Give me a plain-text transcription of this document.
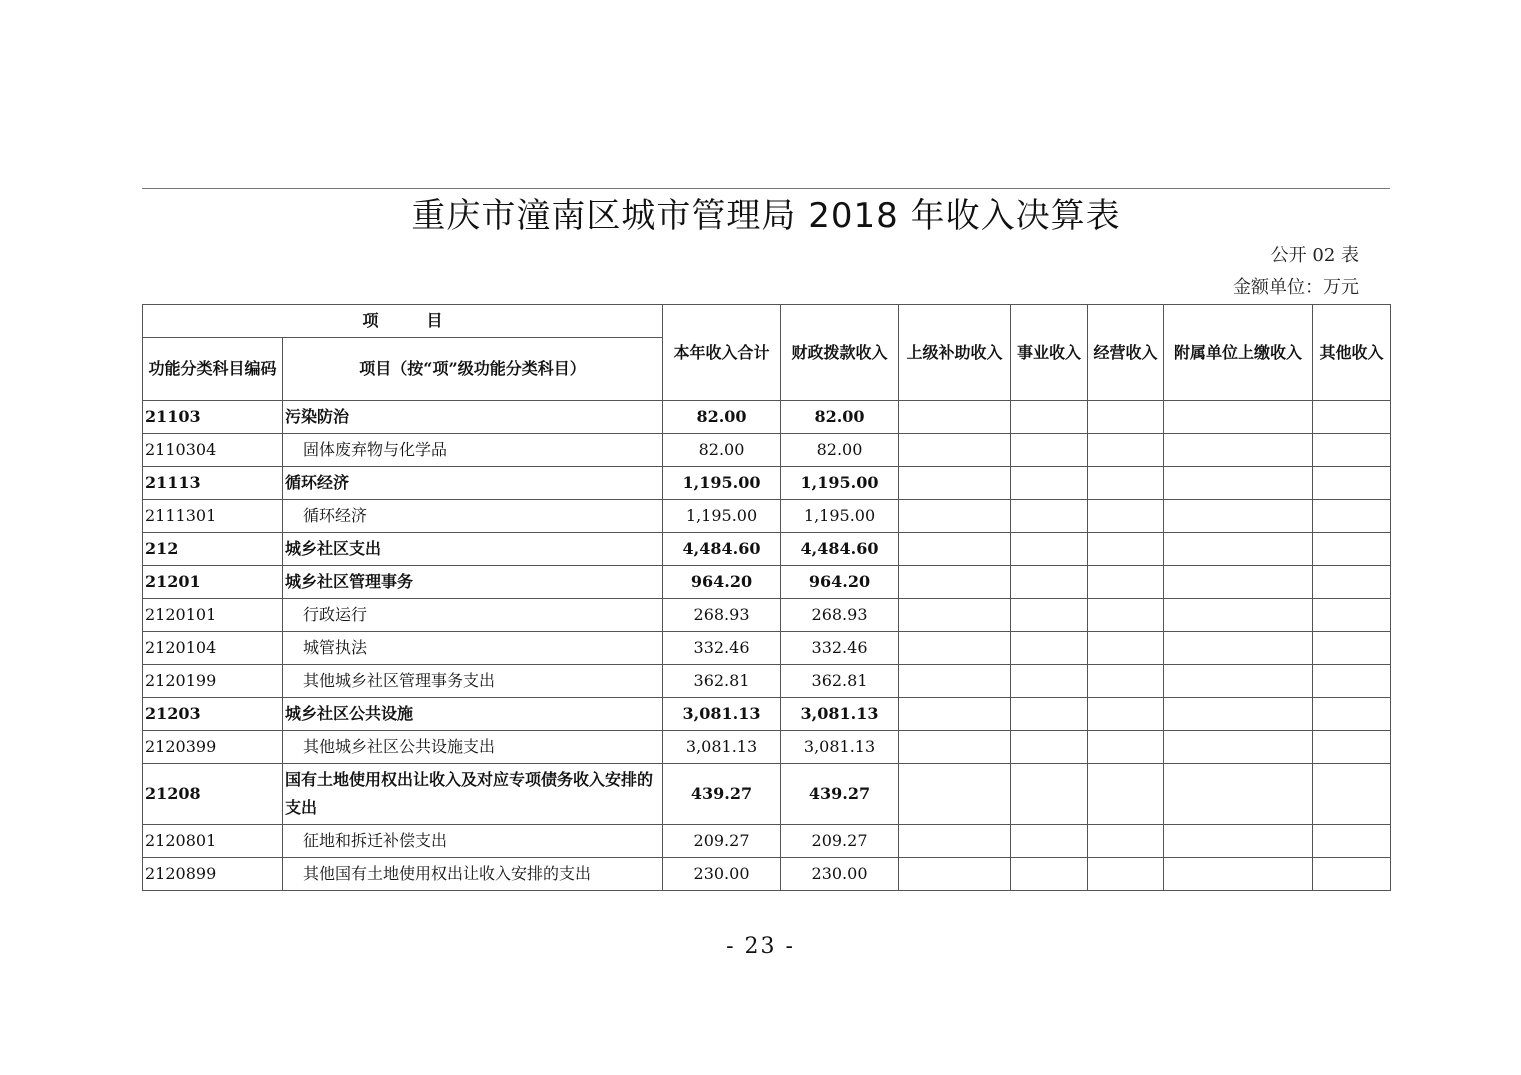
重庆市潼南区城市管理局 2018 年收入决算表
公开 02 表
金额单位：万元
项　　　目		本年收入合计	财政拨款收入	上级补助收入	事业收入	经营收入	附属单位上缴收入	其他收入
功能分类科目编码	项目（按“项”级功能分类科目）							
21103	污染防治	82.00	82.00					
2110304	固体废弃物与化学品	82.00	82.00					
21113	循环经济	1,195.00	1,195.00					
2111301	循环经济	1,195.00	1,195.00					
212	城乡社区支出	4,484.60	4,484.60					
21201	城乡社区管理事务	964.20	964.20					
2120101	行政运行	268.93	268.93					
2120104	城管执法	332.46	332.46					
2120199	其他城乡社区管理事务支出	362.81	362.81					
21203	城乡社区公共设施	3,081.13	3,081.13					
2120399	其他城乡社区公共设施支出	3,081.13	3,081.13					
21208	国有土地使用权出让收入及对应专项债务收入安排的支出	439.27	439.27					
2120801	征地和拆迁补偿支出	209.27	209.27					
2120899	其他国有土地使用权出让收入安排的支出	230.00	230.00					
- 23 -
